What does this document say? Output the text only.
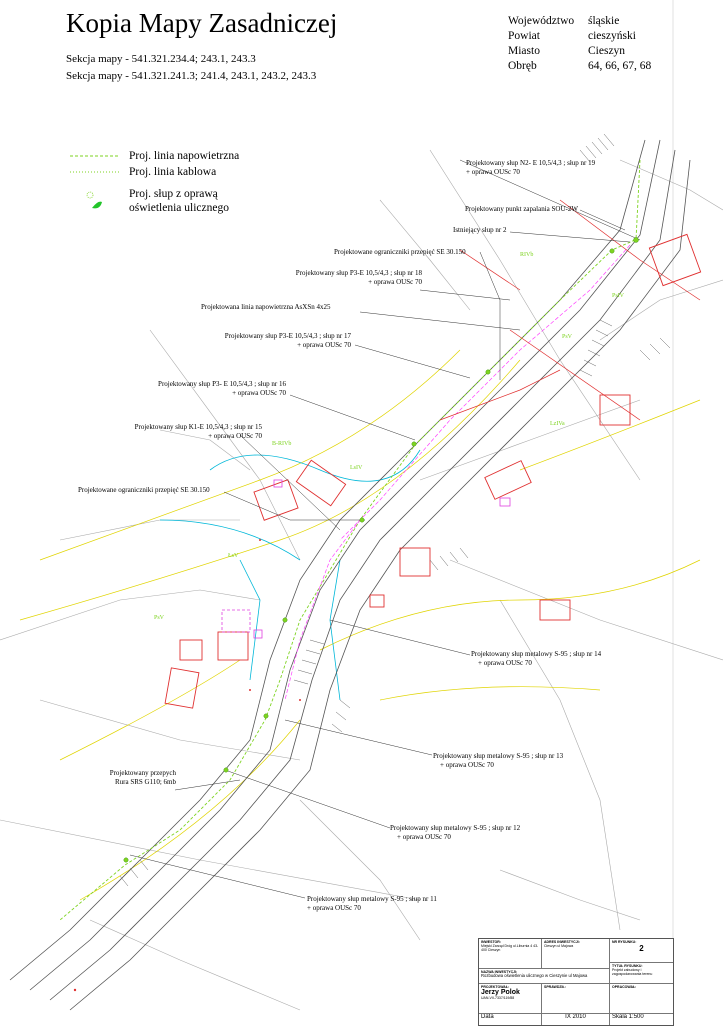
Kopia Mapy Zasadniczej
Sekcja mapy - 541.321.234.4; 243.1, 243.3
Sekcja mapy - 541.321.241.3; 241.4, 243.1, 243.2, 243.3
Województwo	śląskie
Powiat	cieszyński
Miasto	Cieszyn
Obręb	64, 66, 67, 68
Proj. linia napowietrzna
Proj. linia kablowa
Proj. słup z oprawą
oświetlenia ulicznego
Projektowany słup N2- E 10,5/4,3 ; słup nr 19
+ oprawa OUSc 70
Projektowany punkt zapalania SOU-2W
Istniejący słup nr 2
Projektowane ograniczniki przepięć SE 30.150
Projektowany słup P3-E 10,5/4,3 ; słup nr 18
+ oprawa OUSc 70
Projektowana linia napowietrzna AsXSn 4x25
Projektowany słup P3-E 10,5/4,3 ; słup nr 17
+ oprawa OUSc 70
Projektowany słup P3- E 10,5/4,3 ; słup nr 16
+ oprawa OUSc 70
Projektowany słup K1-E 10,5/4,3 ; słup nr 15
+ oprawa OUSc 70
Projektowane ograniczniki przepięć SE 30.150
Projektowany słup metalowy S-95 ; słup nr 14
+ oprawa OUSc 70
Projektowany słup metalowy S-95 ; słup nr 13
+ oprawa OUSc 70
Projektowany przepych
Rura SRS G110; 6mb
Projektowany słup metalowy S-95 ; słup nr 12
+ oprawa OUSc 70
Projektowany słup metalowy S-95 ; słup nr 11
+ oprawa OUSc 70
PsV
PsIV
RIVb
LzIVa
ŁsV
B-RIVb
PsV
LsIV
INWESTOR:
Miejski Zarząd Dróg ul.Liburnia 4 43-400 Cieszyn
ADRES INWESTYCJI:
Cieszyn ul Majowa
NR RYSUNKU:
2
NAZWA INWESTYCJI:
Rozbudowa oświetlenia ulicznego w Cieszynie ul Majowa
TYTUŁ RYSUNKU:
Projekt zabudowy i zagospodarowania terenu
PROJEKTOWAŁ:
Jerzy Polok
UAN-VII-7337/119/88
SPRAWDZIŁ:	OPRACOWAŁ:
Data	IX 2010	Skala 1:500
